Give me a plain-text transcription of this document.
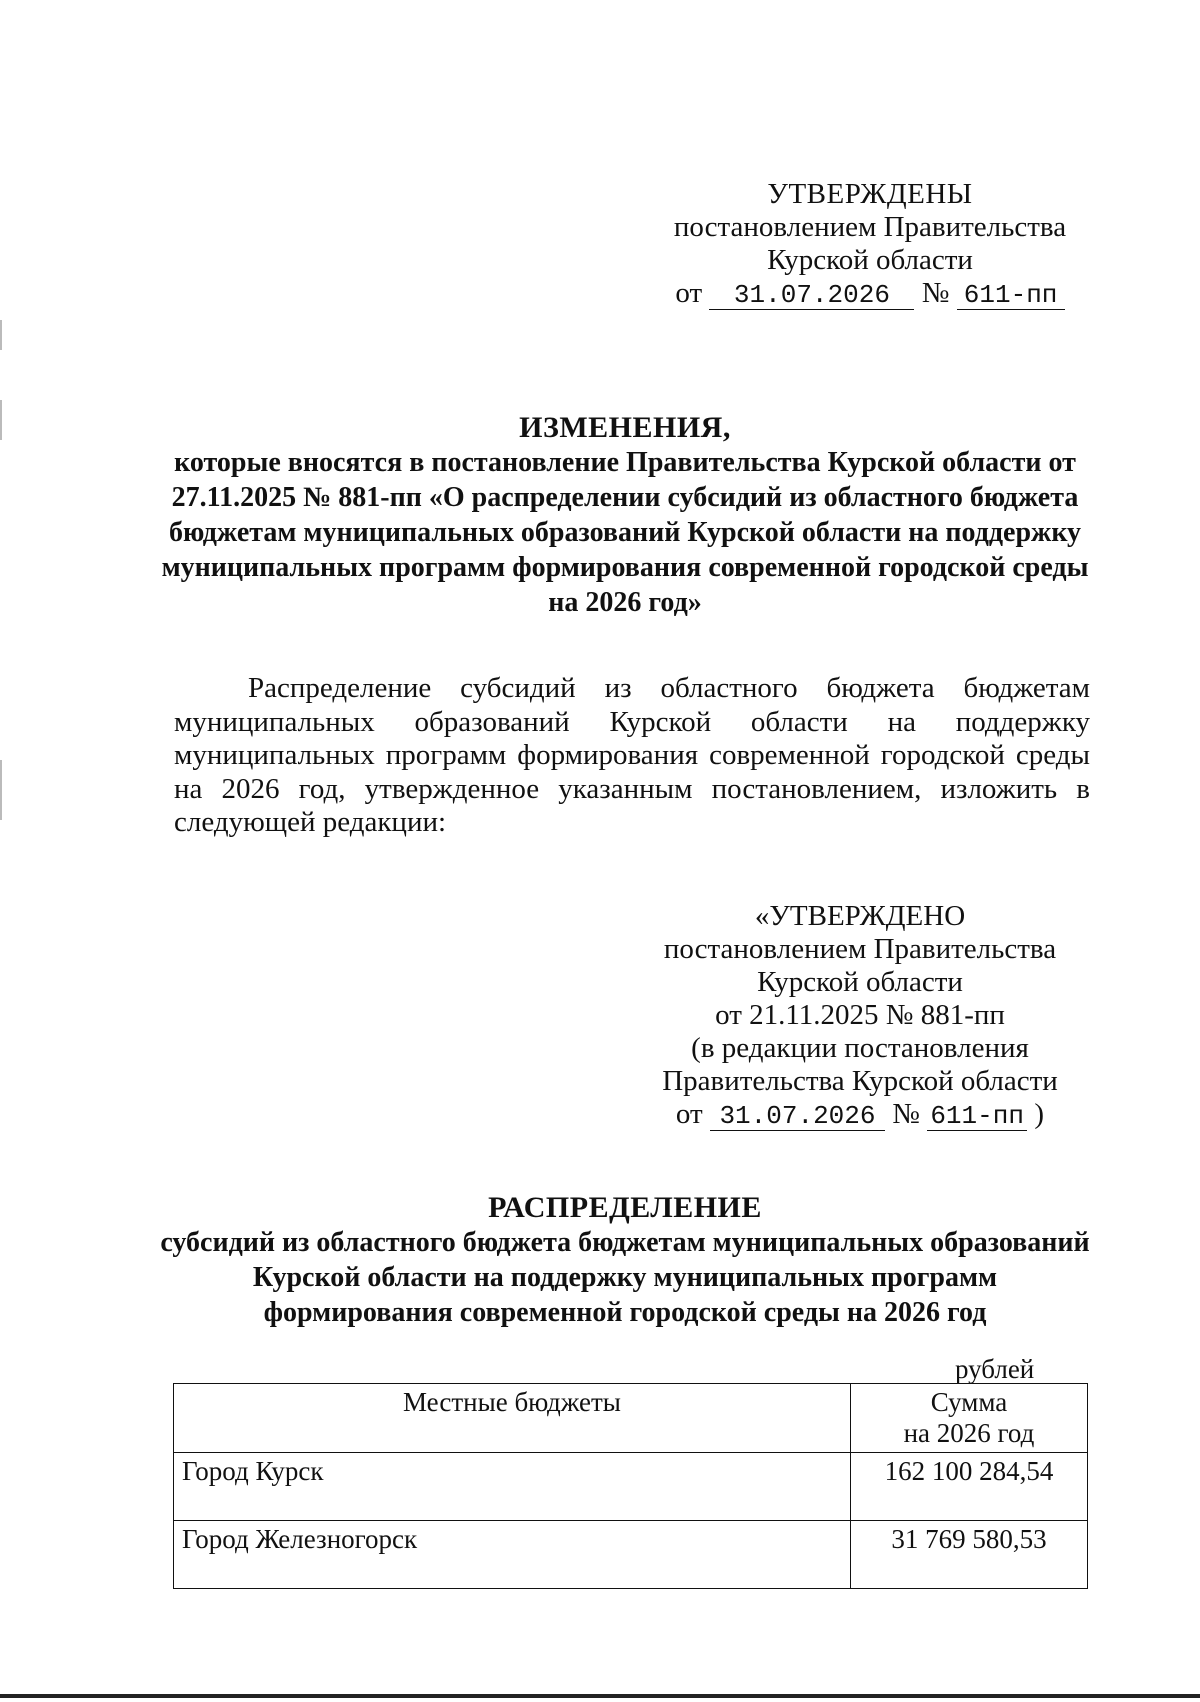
УТВЕРЖДЕНЫ
постановлением Правительства
Курской области
от 31.07.2026 № 611-пп
ИЗМЕНЕНИЯ,
которые вносятся в постановление Правительства Курской области от 27.11.2025 № 881-пп «О распределении субсидий из областного бюджета бюджетам муниципальных образований Курской области на поддержку муниципальных программ формирования современной городской среды на 2026 год»
Распределение субсидий из областного бюджета бюджетам муниципальных образований Курской области на поддержку муниципальных программ формирования современной городской среды на 2026 год, утвержденное указанным постановлением, изложить в следующей редакции:
«УТВЕРЖДЕНО
постановлением Правительства
Курской области
от 21.11.2025 № 881-пп
(в редакции постановления
Правительства Курской области
от 31.07.2026 № 611-пп )
РАСПРЕДЕЛЕНИЕ
субсидий из областного бюджета бюджетам муниципальных образований Курской области на поддержку муниципальных программ формирования современной городской среды на 2026 год
рублей
Местные бюджеты	Сумма
на 2026 год

Город Курск	162 100 284,54
Город Железногорск	31 769 580,53
